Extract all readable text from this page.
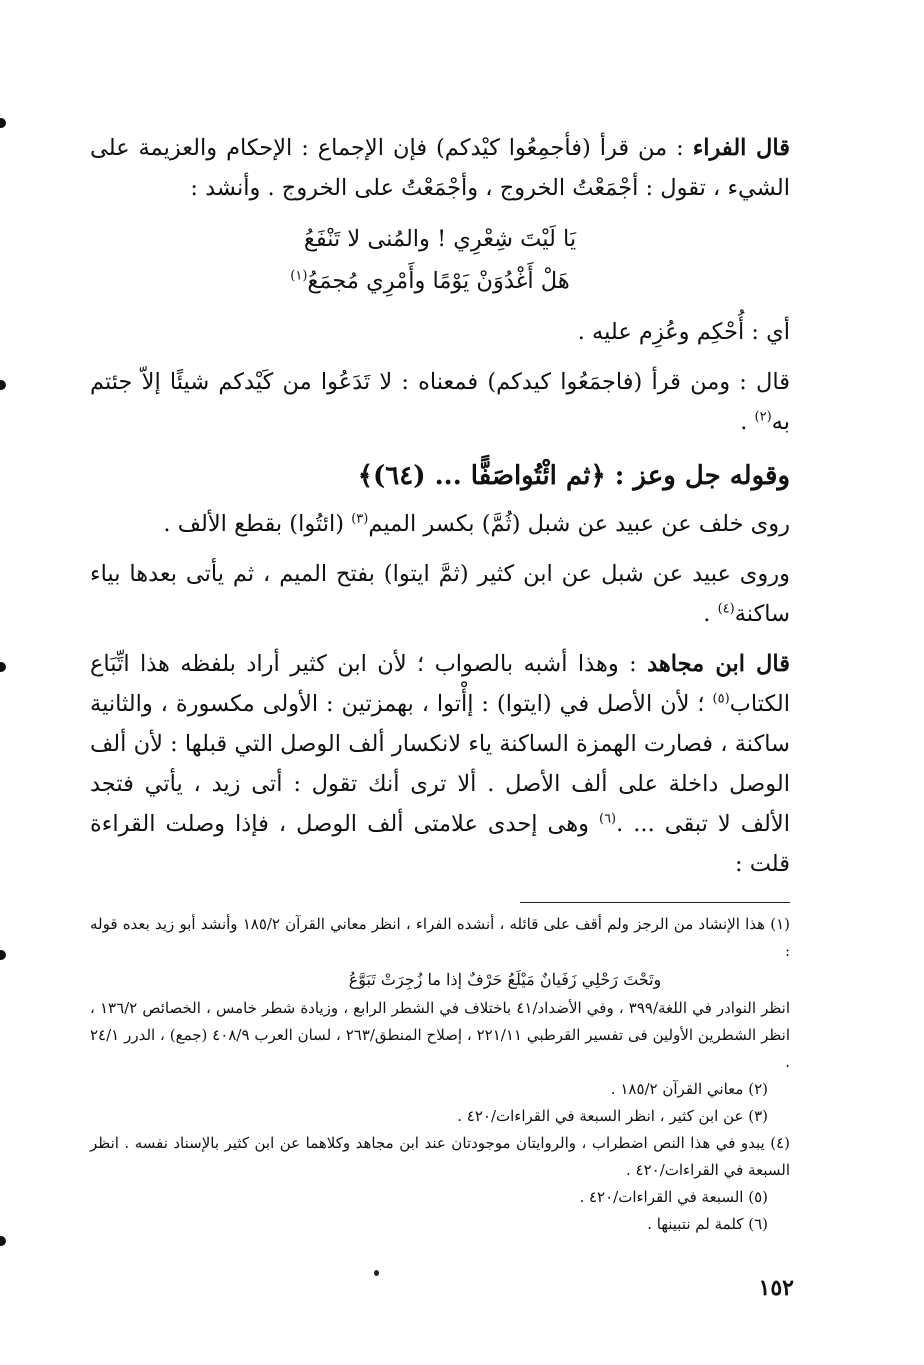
قال الفراء : من قرأ (فأجمِعُوا كيْدكم) فإن الإجماع : الإحكام والعزيمة على الشيء ، تقول : أجْمَعْتُ الخروج ، وأجْمَعْتُ على الخروج . وأنشد :

يَا لَيْتَ شِعْرِي ! والمُنى لا تَنْفَعُ
هَلْ أَغْدُوَنْ يَوْمًا وأَمْرِي مُجمَعُ$^{(١)}$

أي : أُحْكِم وعُزِم عليه .

قال : ومن قرأ (فاجمَعُوا كيدكم) فمعناه : لا تَدَعُوا من كَيْدكم شيئًا إلاّ جئتم به$^{(٢)}$ .

وقوله جل وعز : ﴿ثم ائْتُواصَفًّا ... (٦٤)﴾

روى خلف عن عبيد عن شبل (ثُمَّ) بكسر الميم$^{(٣)}$ (ائتُوا) بقطع الألف .

وروى عبيد عن شبل عن ابن كثير (ثمَّ ايتوا) بفتح الميم ، ثم يأتى بعدها بياء ساكنة$^{(٤)}$ .

قال ابن مجاهد : وهذا أشبه بالصواب ؛ لأن ابن كثير أراد بلفظه هذا اتِّبَاع الكتاب$^{(٥)}$ ؛ لأن الأصل في (ايتوا) : إأْتوا ، بهمزتين : الأولى مكسورة ، والثانية ساكنة ، فصارت الهمزة الساكنة ياء لانكسار ألف الوصل التي قبلها : لأن ألف الوصل داخلة على ألف الأصل . ألا ترى أنك تقول : أتى زيد ، يأتي فتجد الألف لا تبقى ... .$^{(٦)}$ وهى إحدى علامتى ألف الوصل ، فإذا وصلت القراءة قلت :

(١) هذا الإنشاد من الرجز ولم أقف على قائله ، أنشده الفراء ، انظر معاني القرآن ١٨٥/٢ وأنشد أبو زيد بعده قوله :

وتَحْتَ رَحْلِي زَفَيانٌ مَيْلَعُ حَرْفٌ إذا ما زُجِرَتْ تَبَوَّعُ

انظر النوادر في اللغة/٣٩٩ ، وفي الأضداد/٤١ باختلاف في الشطر الرابع ، وزيادة شطر خامس ، الخصائص ١٣٦/٢ ، انظر الشطرين الأولين فى تفسير القرطبي ٢٢١/١١ ، إصلاح المنطق/٢٦٣ ، لسان العرب ٤٠٨/٩ (جمع) ، الدرر ٢٤/١ .

(٢) معاني القرآن ١٨٥/٢ .

(٣) عن ابن كثير ، انظر السبعة في القراءات/٤٢٠ .

(٤) يبدو في هذا النص اضطراب ، والروايتان موجودتان عند ابن مجاهد وكلاهما عن ابن كثير بالإسناد نفسه . انظر السبعة في القراءات/٤٢٠ .

(٥) السبعة في القراءات/٤٢٠ .

(٦) كلمة لم نتبينها .

١٥٢
